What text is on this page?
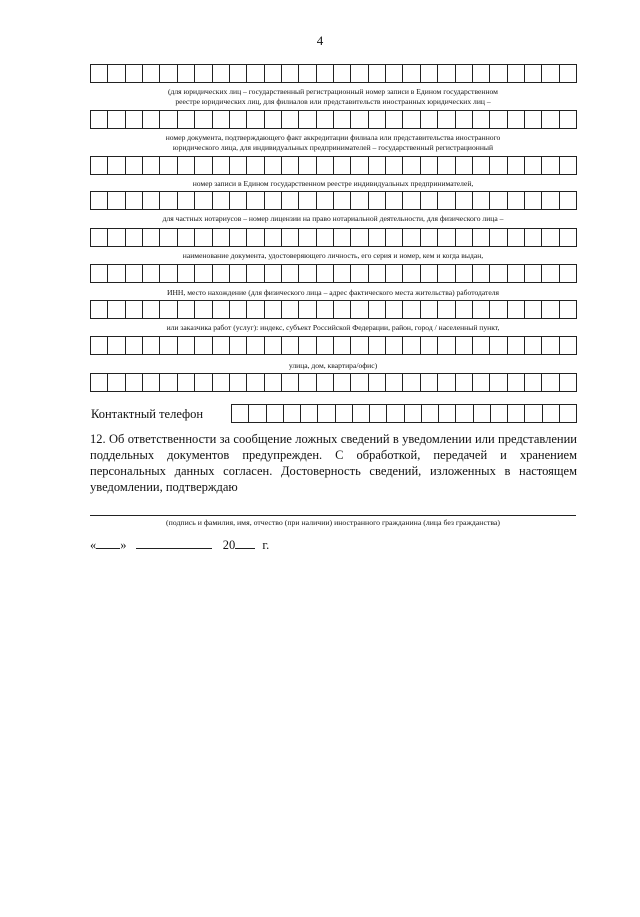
4
(для юридических лиц – государственный регистрационный номер записи в Едином государственном
реестре юридических лиц, для филиалов или представительств иностранных юридических лиц –
номер документа, подтверждающего факт аккредитации филиала или представительства иностранного
юридического лица, для индивидуальных предпринимателей – государственный регистрационный
номер записи в Едином государственном реестре индивидуальных предпринимателей,
для частных нотариусов – номер лицензии на право нотариальной деятельности, для физического лица –
наименование документа, удостоверяющего личность, его серия и номер, кем и когда выдан,
ИНН, место нахождение (для физического лица – адрес фактического места жительства) работодателя
или заказчика работ (услуг): индекс, субъект Российской Федерации, район, город / населенный пункт,
улица, дом, квартира/офис)
Контактный телефон
12. Об ответственности за сообщение ложных сведений в уведомлении или представлении поддельных документов предупрежден. С обработкой, передачей и хранением персональных данных согласен. Достоверность сведений, изложенных в настоящем уведомлении, подтверждаю
(подпись и фамилия, имя, отчество (при наличии) иностранного гражданина (лица без гражданства)
« »	20 г.
